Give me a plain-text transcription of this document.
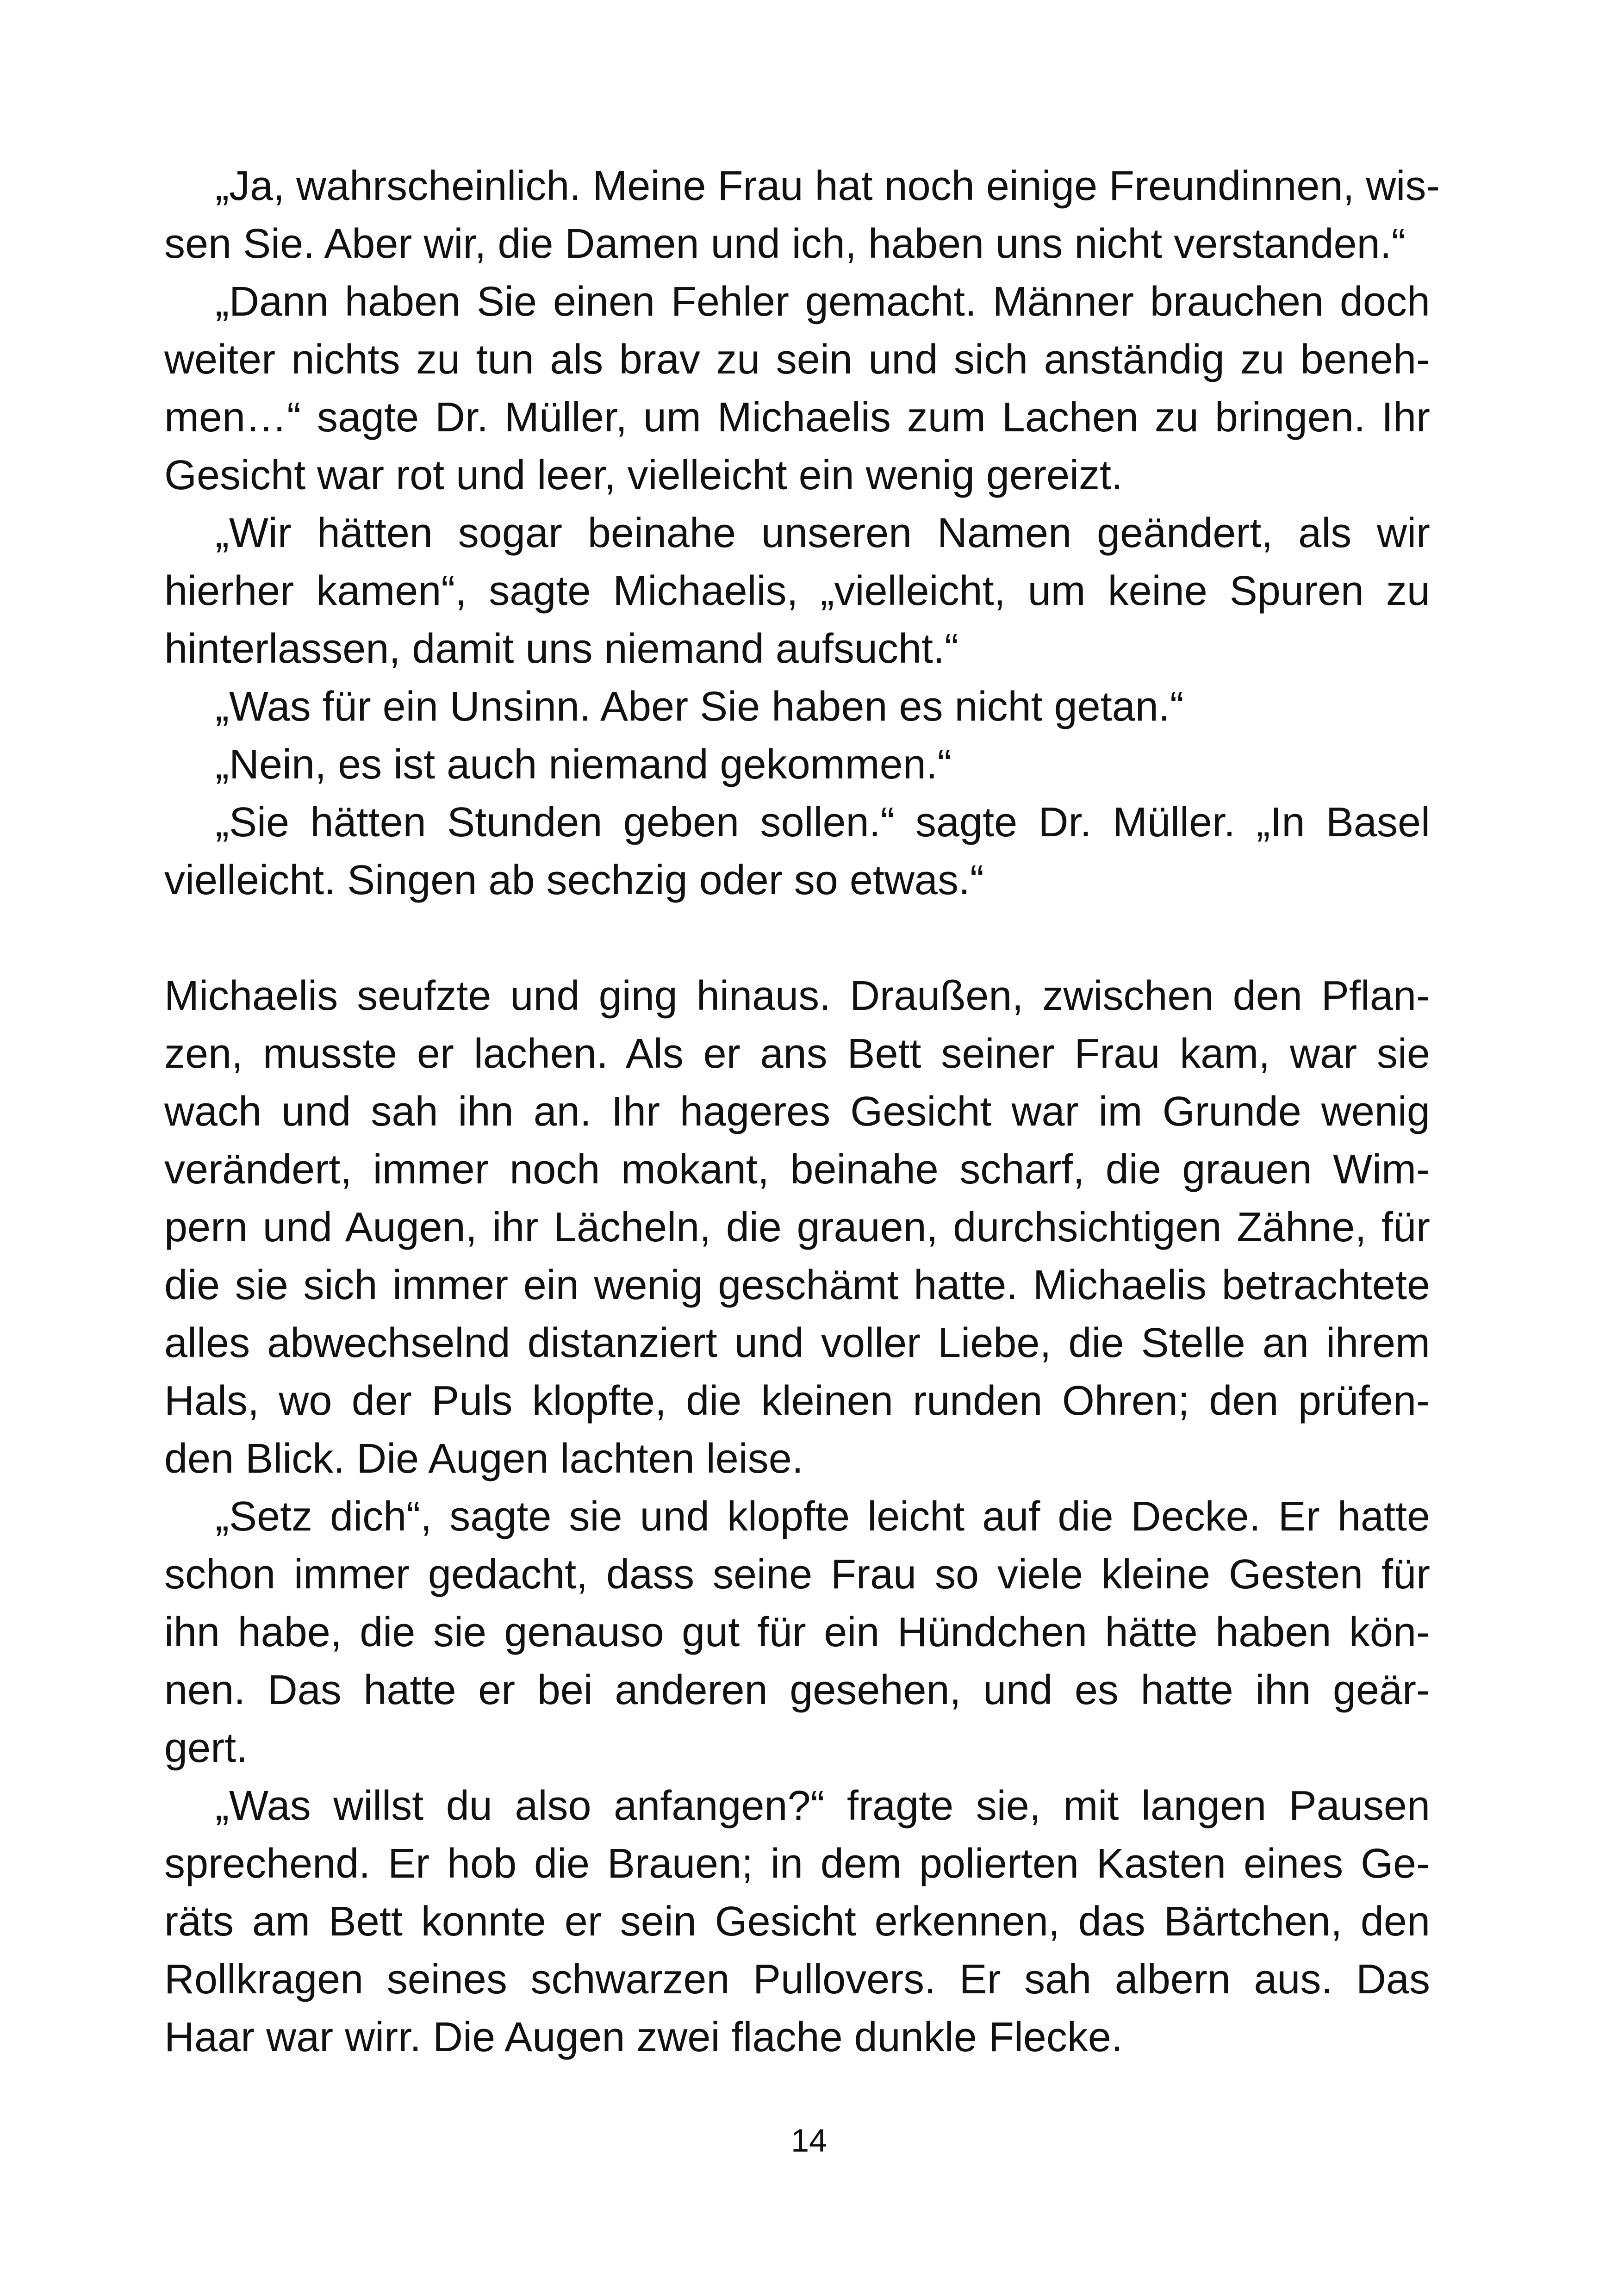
„Ja, wahrscheinlich. Meine Frau hat noch einige Freundinnen, wis-
sen Sie. Aber wir, die Damen und ich, haben uns nicht verstanden.“
„Dann haben Sie einen Fehler gemacht. Männer brauchen doch
weiter nichts zu tun als brav zu sein und sich anständig zu beneh-
men…“ sagte Dr. Müller, um Michaelis zum Lachen zu bringen. Ihr
Gesicht war rot und leer, vielleicht ein wenig gereizt.
„Wir hätten sogar beinahe unseren Namen geändert, als wir
hierher kamen“, sagte Michaelis, „vielleicht, um keine Spuren zu
hinterlassen, damit uns niemand aufsucht.“
„Was für ein Unsinn. Aber Sie haben es nicht getan.“
„Nein, es ist auch niemand gekommen.“
„Sie hätten Stunden geben sollen.“ sagte Dr. Müller. „In Basel
vielleicht. Singen ab sechzig oder so etwas.“
Michaelis seufzte und ging hinaus. Draußen, zwischen den Pflan-
zen, musste er lachen. Als er ans Bett seiner Frau kam, war sie
wach und sah ihn an. Ihr hageres Gesicht war im Grunde wenig
verändert, immer noch mokant, beinahe scharf, die grauen Wim-
pern und Augen, ihr Lächeln, die grauen, durchsichtigen Zähne, für
die sie sich immer ein wenig geschämt hatte. Michaelis betrachtete
alles abwechselnd distanziert und voller Liebe, die Stelle an ihrem
Hals, wo der Puls klopfte, die kleinen runden Ohren; den prüfen-
den Blick. Die Augen lachten leise.
„Setz dich“, sagte sie und klopfte leicht auf die Decke. Er hatte
schon immer gedacht, dass seine Frau so viele kleine Gesten für
ihn habe, die sie genauso gut für ein Hündchen hätte haben kön-
nen. Das hatte er bei anderen gesehen, und es hatte ihn geär-
gert.
„Was willst du also anfangen?“ fragte sie, mit langen Pausen
sprechend. Er hob die Brauen; in dem polierten Kasten eines Ge-
räts am Bett konnte er sein Gesicht erkennen, das Bärtchen, den
Rollkragen seines schwarzen Pullovers. Er sah albern aus. Das
Haar war wirr. Die Augen zwei flache dunkle Flecke.
14
